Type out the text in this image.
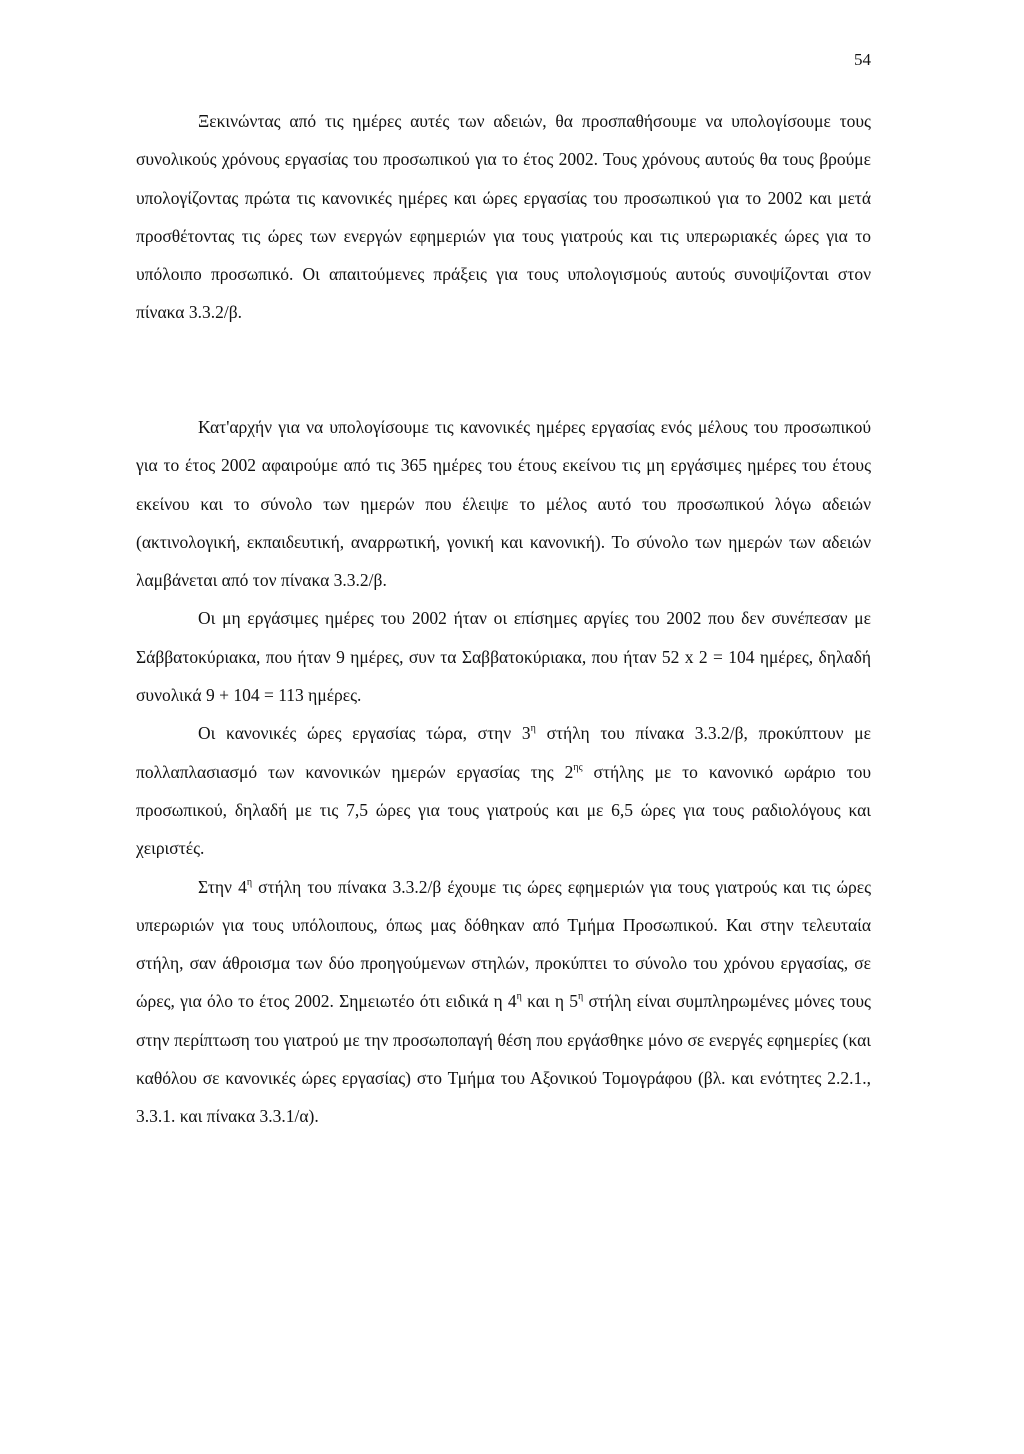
54

Ξεκινώντας από τις ημέρες αυτές των αδειών, θα προσπαθήσουμε να υπολογίσουμε τους συνολικούς χρόνους εργασίας του προσωπικού για το έτος 2002. Τους χρόνους αυτούς θα τους βρούμε υπολογίζοντας πρώτα τις κανονικές ημέρες και ώρες εργασίας του προσωπικού για το 2002 και μετά προσθέτοντας τις ώρες των ενεργών εφημεριών για τους γιατρούς και τις υπερωριακές ώρες για το υπόλοιπο προσωπικό. Οι απαιτούμενες πράξεις για τους υπολογισμούς αυτούς συνοψίζονται στον πίνακα 3.3.2/β.

Κατ'αρχήν για να υπολογίσουμε τις κανονικές ημέρες εργασίας ενός μέλους του προσωπικού για το έτος 2002 αφαιρούμε από τις 365 ημέρες του έτους εκείνου τις μη εργάσιμες ημέρες του έτους εκείνου και το σύνολο των ημερών που έλειψε το μέλος αυτό του προσωπικού λόγω αδειών (ακτινολογική, εκπαιδευτική, αναρρωτική, γονική και κανονική). Το σύνολο των ημερών των αδειών λαμβάνεται από τον πίνακα 3.3.2/β.

Οι μη εργάσιμες ημέρες του 2002 ήταν οι επίσημες αργίες του 2002 που δεν συνέπεσαν με Σάββατοκύριακα, που ήταν 9 ημέρες, συν τα Σαββατοκύριακα, που ήταν 52 x 2 = 104 ημέρες, δηλαδή συνολικά 9 + 104 = 113 ημέρες.

Οι κανονικές ώρες εργασίας τώρα, στην $3^\eta$ στήλη του πίνακα 3.3.2/β, προκύπτουν με πολλαπλασιασμό των κανονικών ημερών εργασίας της $2^{\eta\varsigma}$ στήλης με το κανονικό ωράριο του προσωπικού, δηλαδή με τις 7,5 ώρες για τους γιατρούς και με 6,5 ώρες για τους ραδιολόγους και χειριστές.

Στην $4^\eta$ στήλη του πίνακα 3.3.2/β έχουμε τις ώρες εφημεριών για τους γιατρούς και τις ώρες υπερωριών για τους υπόλοιπους, όπως μας δόθηκαν από Τμήμα Προσωπικού. Και στην τελευταία στήλη, σαν άθροισμα των δύο προηγούμενων στηλών, προκύπτει το σύνολο του χρόνου εργασίας, σε ώρες, για όλο το έτος 2002. Σημειωτέο ότι ειδικά η $4^\eta$ και η $5^\eta$ στήλη είναι συμπληρωμένες μόνες τους στην περίπτωση του γιατρού με την προσωποπαγή θέση που εργάσθηκε μόνο σε ενεργές εφημερίες (και καθόλου σε κανονικές ώρες εργασίας) στο Τμήμα του Αξονικού Τομογράφου (βλ. και ενότητες 2.2.1., 3.3.1. και πίνακα 3.3.1/α).
